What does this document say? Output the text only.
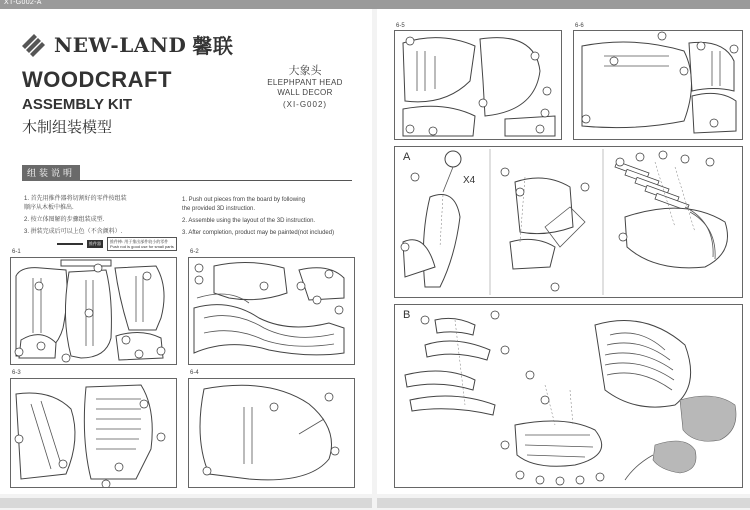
XT-G002-A
NEW-LAND 馨联
WOODCRAFT
ASSEMBLY KIT
木制组装模型
大象头
ELEPHPANT HEAD
WALL DECOR
(XI-G002)
组装说明
1. 首先用推件器将切割好的零件按组装
顺序从木板中推出.
2. 按立体图解的步骤组装成型.
3. 拼装完成后可以上色（不含颜料）.
1. Push out pieces from the board by following
the provided 3D instruction.
2. Assemble using the layout of the 3D instruction.
3. After completion, product may be painted(not included)
推件器	推件棒: 用于推出部件较小的零件
Push rod is good use for small parts
6-1	6-2
6-3	6-4
6-5	6-6
A
X4
B
